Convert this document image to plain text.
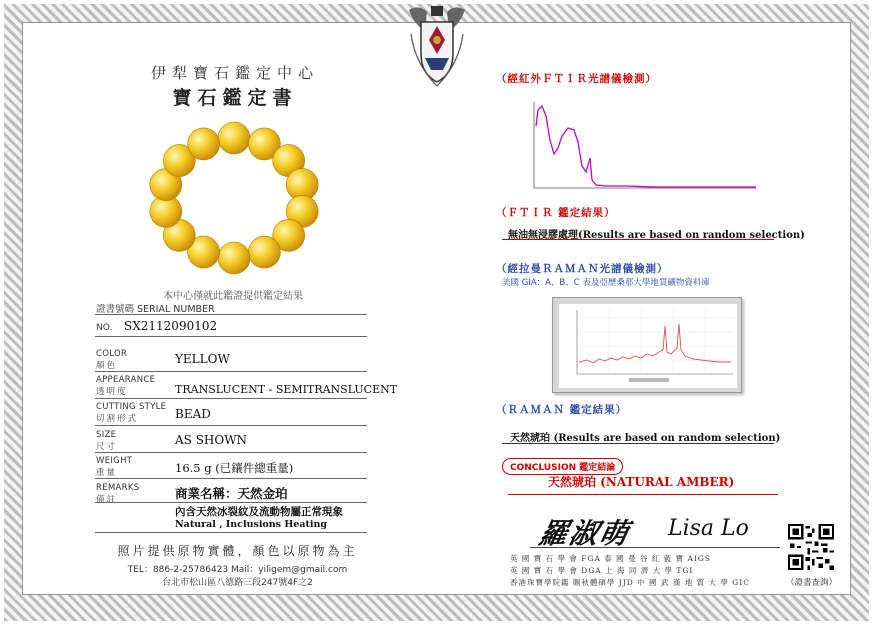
伊犁寶石鑑定中心
寶石鑑定書
本中心僅就此鑑證提供鑑定結果
證書號碼 SERIAL NUMBER
NO. SX2112090102
COLOR
顏色	YELLOW
APPEARANCE
透明度	TRANSLUCENT - SEMITRANSLUCENT
CUTTING STYLE
切割形式	BEAD
SIZE
尺寸	AS SHOWN
WEIGHT
重量	16.5 g (已鑲件總重量)
REMARKS
備註	商業名稱：天然金珀
內含天然冰裂紋及流動物屬正常現象
Natural , Inclusions Heating
照片提供原物實體，顏色以原物為主
TEL：886-2-25786423 Mail：yiligem@gmail.com
台北市松山區八德路三段247號4F之2
（經紅外ＦＴＩＲ光譜儀檢測）
（ＦＴＩＲ 鑑定結果）
無油無浸膠處理(Results are based on random selection)
（經拉曼ＲＡＭＡＮ光譜儀檢測）
美國 GIA：A、B、C 表及亞歷桑那大學地質礦物資料庫
（ＲＡＭＡＮ 鑑定結果）
天然琥珀 (Results are based on random selection)
CONCLUSION 鑑定結論
天然琥珀 (NATURAL AMBER)
羅淑萌 Lisa Lo
英 國 寶 石 學 會 FGA 泰 國 曼 谷 紅 藍 寶 AIGS
英 國 寶 石 學 會 DGA 上 海 同 濟 大 學 TGI
香港珠寶學院鑑 賜秋體碩學 JJD 中 國 武 漢 地 質 大 學 GIC	（證書查詢）
